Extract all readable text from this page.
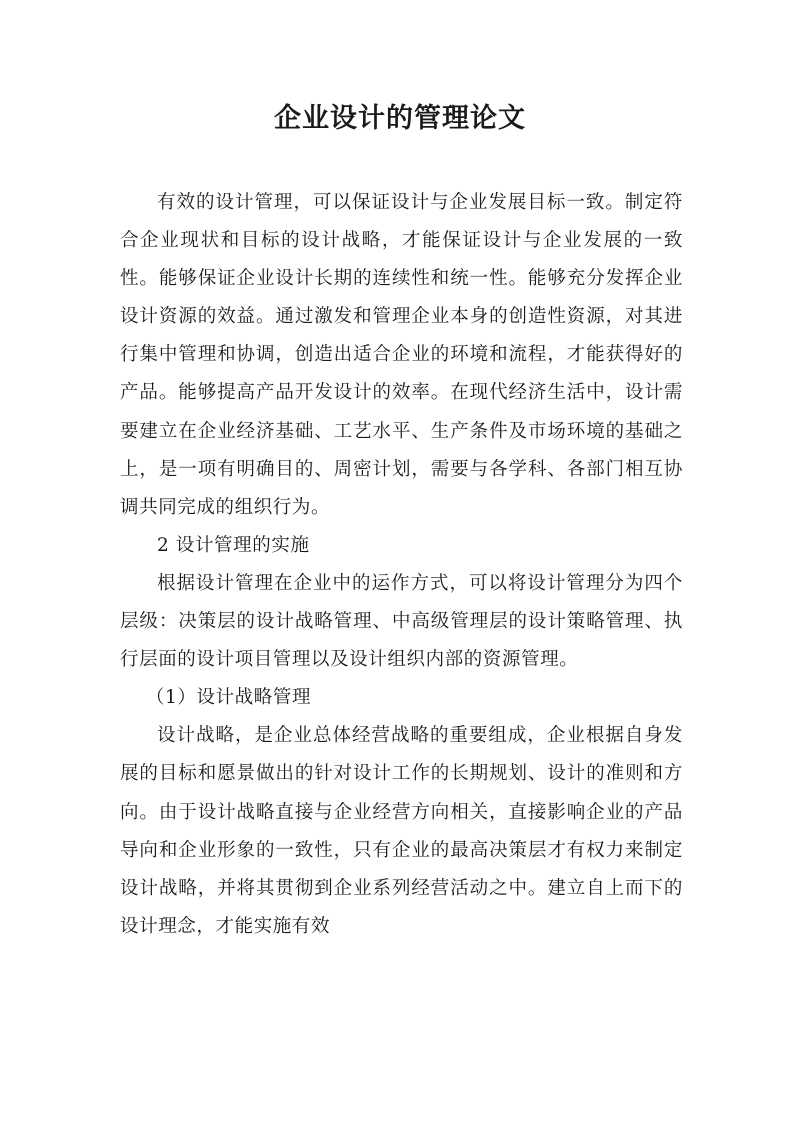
企业设计的管理论文

有效的设计管理，可以保证设计与企业发展目标一致。制定符合企业现状和目标的设计战略，才能保证设计与企业发展的一致性。能够保证企业设计长期的连续性和统一性。能够充分发挥企业设计资源的效益。通过激发和管理企业本身的创造性资源，对其进行集中管理和协调，创造出适合企业的环境和流程，才能获得好的产品。能够提高产品开发设计的效率。在现代经济生活中，设计需要建立在企业经济基础、工艺水平、生产条件及市场环境的基础之上，是一项有明确目的、周密计划，需要与各学科、各部门相互协调共同完成的组织行为。

2 设计管理的实施

根据设计管理在企业中的运作方式，可以将设计管理分为四个层级：决策层的设计战略管理、中高级管理层的设计策略管理、执行层面的设计项目管理以及设计组织内部的资源管理。

（1）设计战略管理

设计战略，是企业总体经营战略的重要组成，企业根据自身发展的目标和愿景做出的针对设计工作的长期规划、设计的准则和方向。由于设计战略直接与企业经营方向相关，直接影响企业的产品导向和企业形象的一致性，只有企业的最高决策层才有权力来制定设计战略，并将其贯彻到企业系列经营活动之中。建立自上而下的设计理念，才能实施有效
